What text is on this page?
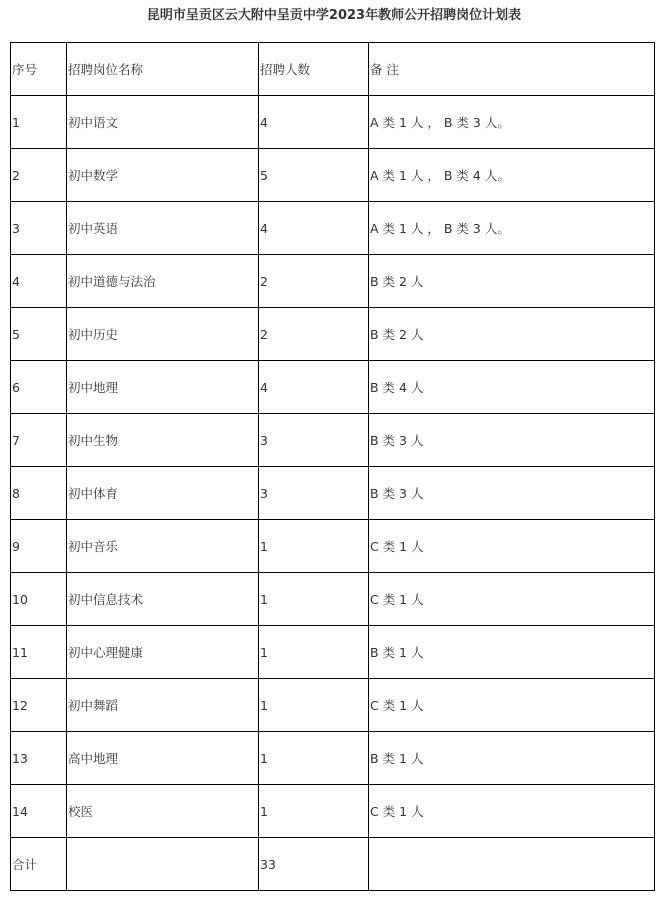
昆明市呈贡区云大附中呈贡中学2023年教师公开招聘岗位计划表
序号	招聘岗位名称	招聘人数	备 注
1	初中语文	4	A 类 1 人 ， B 类 3 人。
2	初中数学	5	A 类 1 人 ， B 类 4 人。
3	初中英语	4	A 类 1 人 ， B 类 3 人。
4	初中道德与法治	2	B 类 2 人
5	初中历史	2	B 类 2 人
6	初中地理	4	B 类 4 人
7	初中生物	3	B 类 3 人
8	初中体育	3	B 类 3 人
9	初中音乐	1	C 类 1 人
10	初中信息技术	1	C 类 1 人
11	初中心理健康	1	B 类 1 人
12	初中舞蹈	1	C 类 1 人
13	高中地理	1	B 类 1 人
14	校医	1	C 类 1 人
合计		33	
